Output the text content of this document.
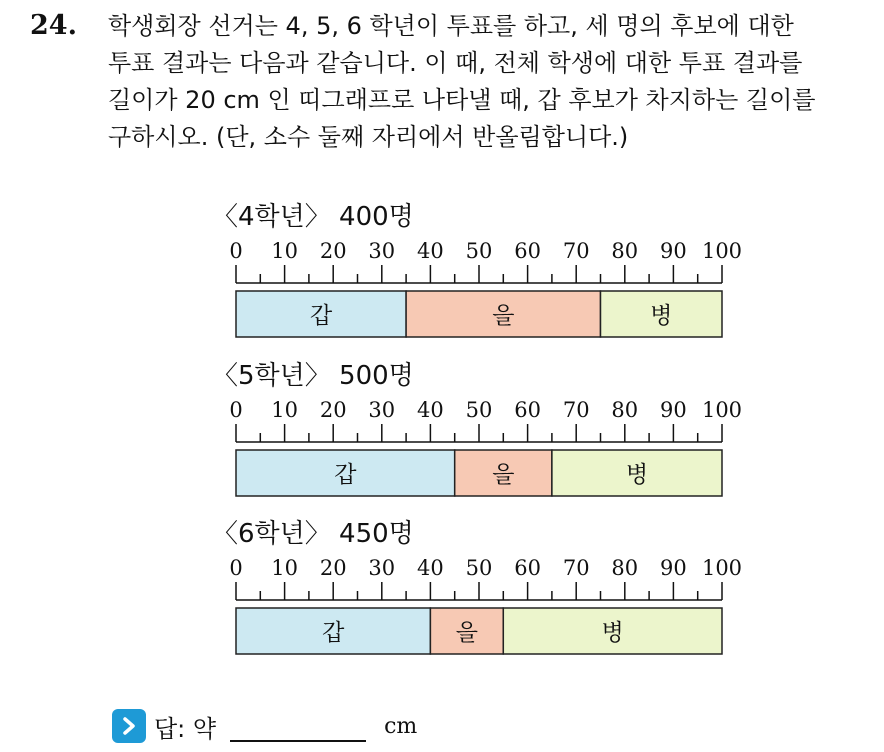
24. 학생회장 선거는 4, 5, 6 학년이 투표를 하고, 세 명의 후보에 대한
투표 결과는 다음과 같습니다. 이 때, 전체 학생에 대한 투표 결과를
길이가 20 cm 인 띠그래프로 나타낼 때, 갑 후보가 차지하는 길이를
구하시오. (단, 소수 둘째 자리에서 반올림합니다.)
〈4학년〉 400명
0 10 20 30 40 50 60 70 80 90 100
갑	을	병
〈5학년〉 500명
0 10 20 30 40 50 60 70 80 90 100
갑	을	병
〈6학년〉 450명
0 10 20 30 40 50 60 70 80 90 100
갑	을	병
답: 약	cm
